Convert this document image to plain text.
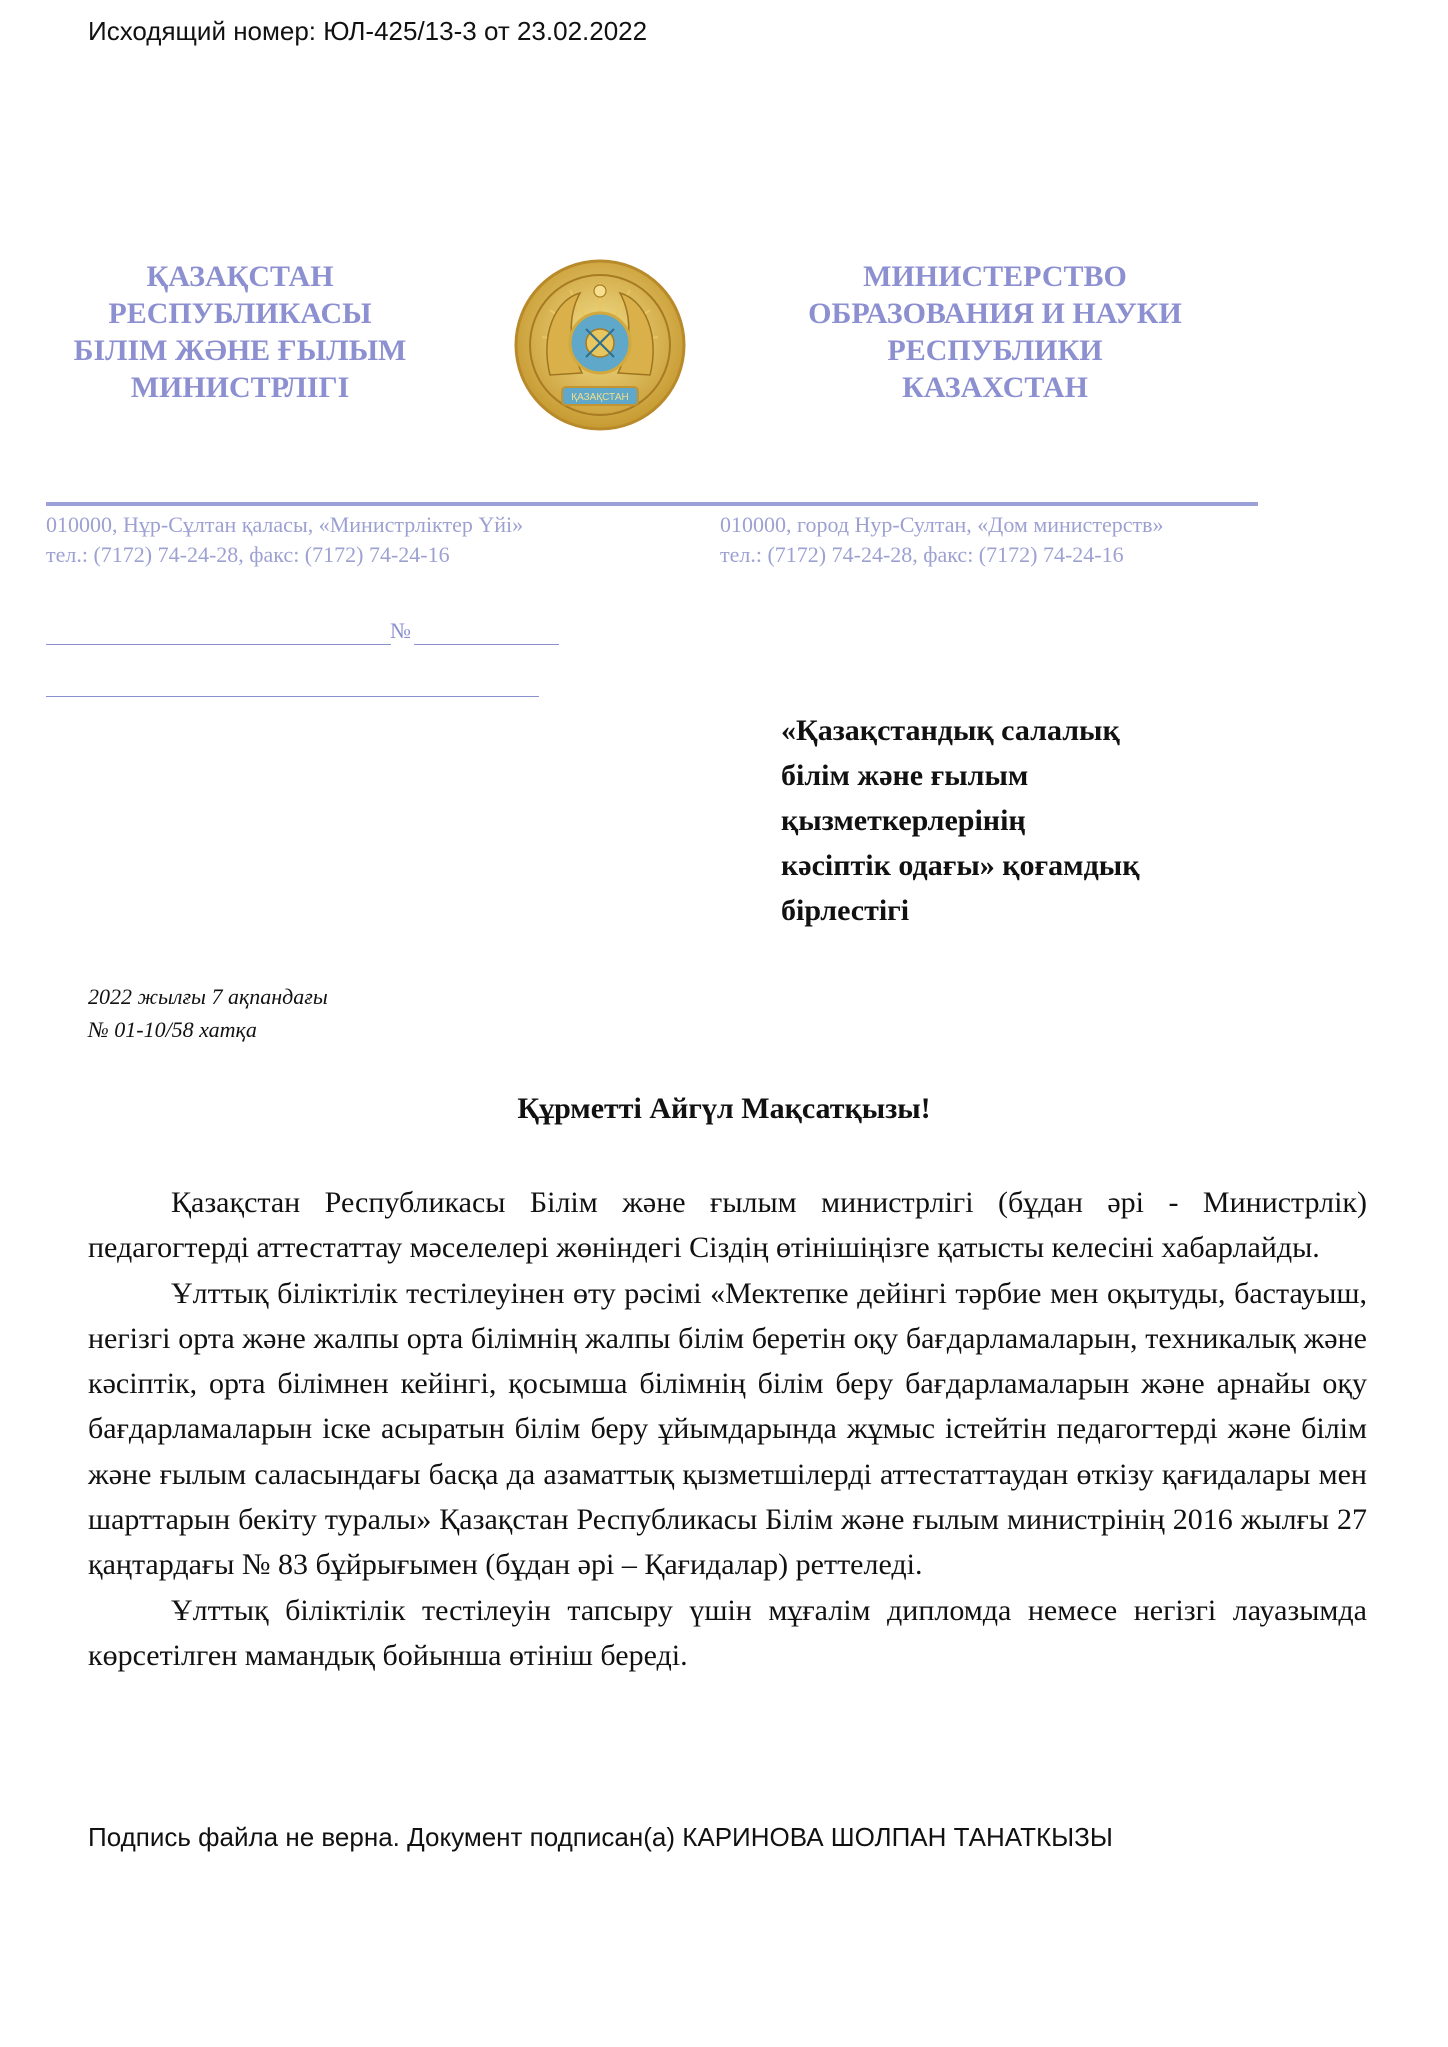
Исходящий номер: ЮЛ-425/13-3 от 23.02.2022
ҚАЗАҚСТАН
РЕСПУБЛИКАСЫ
БІЛІМ ЖӘНЕ ҒЫЛЫМ
МИНИСТРЛІГІ	ҚАЗАҚСТАН
МИНИСТЕРСТВО
ОБРАЗОВАНИЯ И НАУКИ
РЕСПУБЛИКИ
КАЗАХСТАН
010000, Нұр-Сұлтан қаласы, «Министрліктер Үйі»
тел.: (7172) 74-24-28, факс: (7172) 74-24-16
010000, город Нур-Султан, «Дом министерств»
тел.: (7172) 74-24-28, факс: (7172) 74-24-16
№
«Қазақстандық салалық
білім және ғылым
қызметкерлерінің
кәсіптік одағы» қоғамдық
бірлестігі
2022 жылғы 7 ақпандағы
№ 01-10/58 хатқа
Құрметті Айгүл Мақсатқызы!

Қазақстан Республикасы Білім және ғылым министрлігі (бұдан әрі - Министрлік) педагогтерді аттестаттау мәселелері жөніндегі Сіздің өтінішіңізге қатысты келесіні хабарлайды.

Ұлттық біліктілік тестілеуінен өту рәсімі «Мектепке дейінгі тәрбие мен оқытуды, бастауыш, негізгі орта және жалпы орта білімнің жалпы білім беретін оқу бағдарламаларын, техникалық және кәсіптік, орта білімнен кейінгі, қосымша білімнің білім беру бағдарламаларын және арнайы оқу бағдарламаларын іске асыратын білім беру ұйымдарында жұмыс істейтін педагогтерді және білім және ғылым саласындағы басқа да азаматтық қызметшілерді аттестаттаудан өткізу қағидалары мен шарттарын бекіту туралы» Қазақстан Республикасы Білім және ғылым министрінің 2016 жылғы 27 қаңтардағы № 83 бұйрығымен (бұдан әрі – Қағидалар) реттеледі.

Ұлттық біліктілік тестілеуін тапсыру үшін мұғалім дипломда немесе негізгі лауазымда көрсетілген мамандық бойынша өтініш береді.

Подпись файла не верна. Документ подписан(а) КАРИНОВА ШОЛПАН ТАНАТКЫЗЫ
